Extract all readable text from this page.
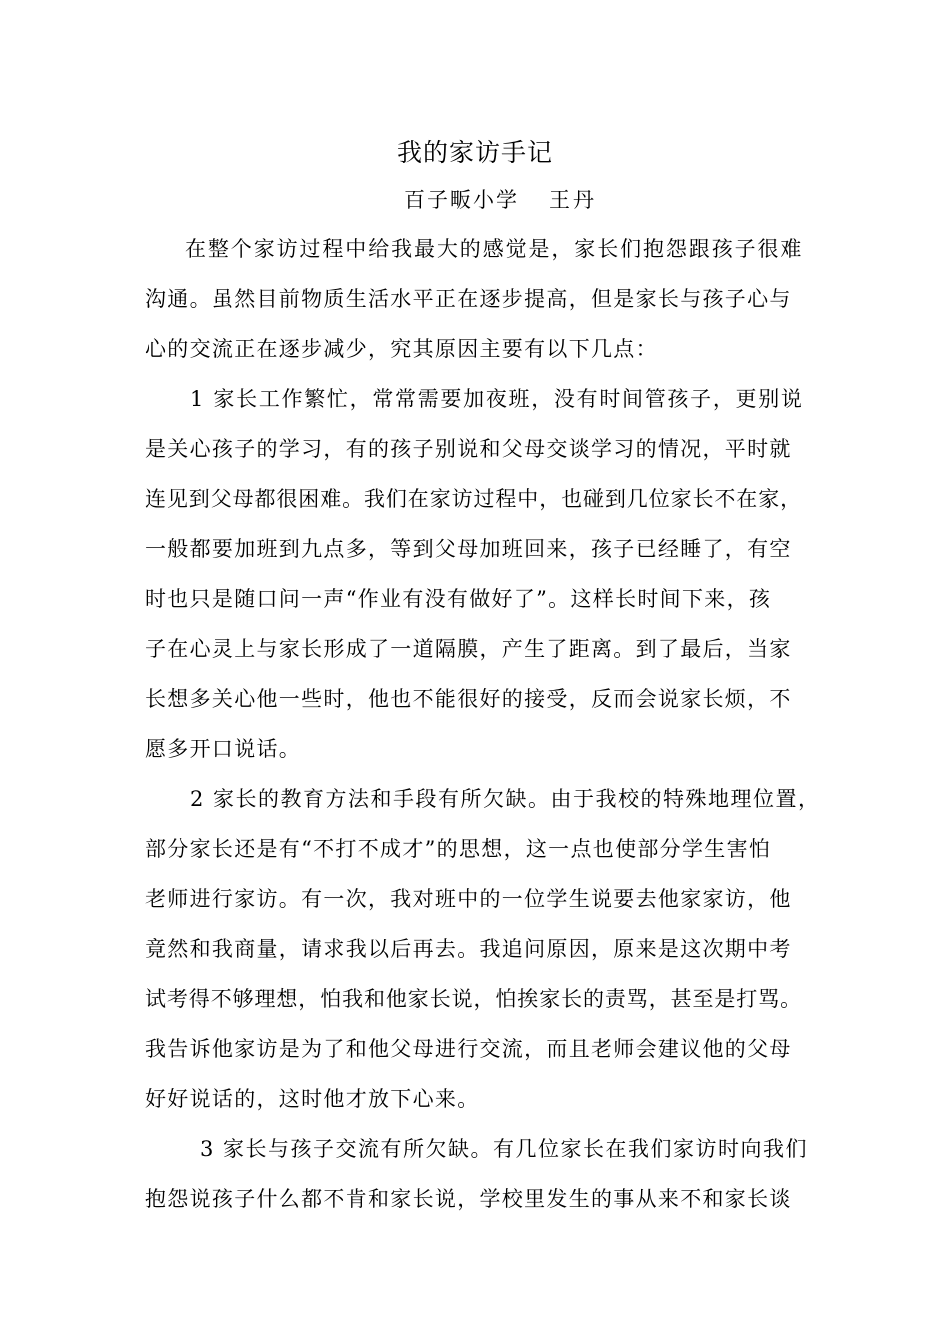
我的家访手记
百子畈小学 王丹
在整个家访过程中给我最大的感觉是，家长们抱怨跟孩子很难
沟通。虽然目前物质生活水平正在逐步提高，但是家长与孩子心与
心的交流正在逐步减少，究其原因主要有以下几点：
1 家长工作繁忙，常常需要加夜班，没有时间管孩子，更别说
是关心孩子的学习，有的孩子别说和父母交谈学习的情况，平时就
连见到父母都很困难。我们在家访过程中，也碰到几位家长不在家，
一般都要加班到九点多，等到父母加班回来，孩子已经睡了，有空
时也只是随口问一声“作业有没有做好了”。这样长时间下来，孩
子在心灵上与家长形成了一道隔膜，产生了距离。到了最后，当家
长想多关心他一些时，他也不能很好的接受，反而会说家长烦，不
愿多开口说话。
2 家长的教育方法和手段有所欠缺。由于我校的特殊地理位置，
部分家长还是有“不打不成才”的思想，这一点也使部分学生害怕
老师进行家访。有一次，我对班中的一位学生说要去他家家访，他
竟然和我商量，请求我以后再去。我追问原因，原来是这次期中考
试考得不够理想，怕我和他家长说，怕挨家长的责骂，甚至是打骂。
我告诉他家访是为了和他父母进行交流，而且老师会建议他的父母
好好说话的，这时他才放下心来。
3 家长与孩子交流有所欠缺。有几位家长在我们家访时向我们
抱怨说孩子什么都不肯和家长说，学校里发生的事从来不和家长谈
